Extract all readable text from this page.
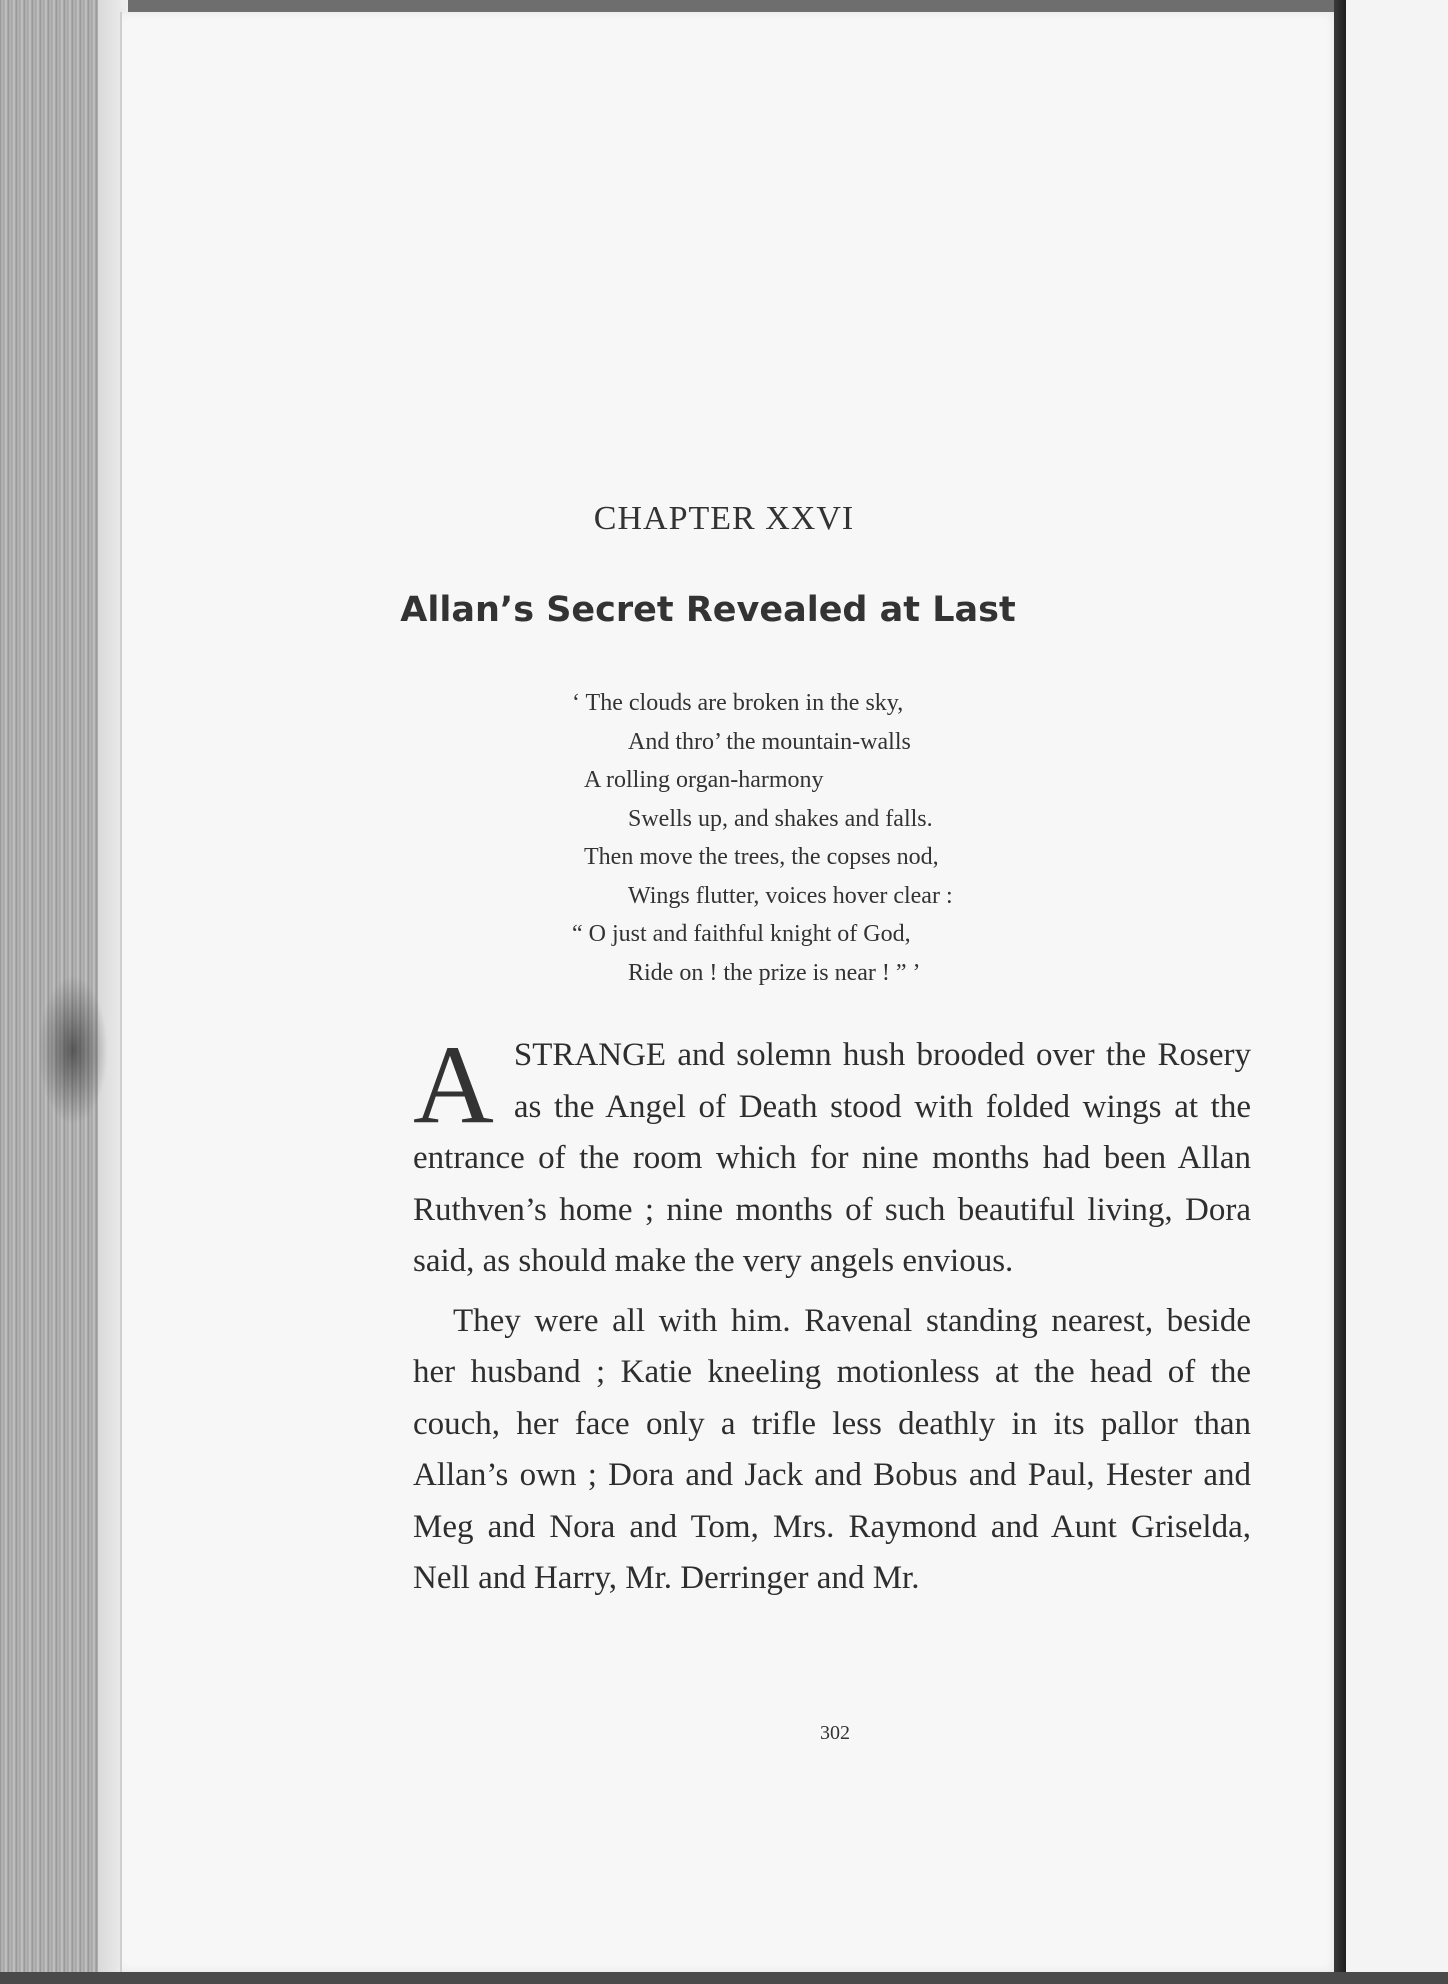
CHAPTER XXVI
Allan’s Secret Revealed at Last
‘ The clouds are broken in the sky,
And thro’ the mountain-walls
A rolling organ-harmony
Swells up, and shakes and falls.
Then move the trees, the copses nod,
Wings flutter, voices hover clear :
“ O just and faithful knight of God,
Ride on ! the prize is near ! ” ’

ASTRANGE and solemn hush brooded over the Rosery as the Angel of Death stood with folded wings at the entrance of the room which for nine months had been Allan Ruthven’s home ; nine months of such beautiful living, Dora said, as should make the very angels envious.

They were all with him. Ravenal standing nearest, beside her husband ; Katie kneeling motionless at the head of the couch, her face only a trifle less deathly in its pallor than Allan’s own ; Dora and Jack and Bobus and Paul, Hester and Meg and Nora and Tom, Mrs. Raymond and Aunt Griselda, Nell and Harry, Mr. Derringer and Mr.

302
